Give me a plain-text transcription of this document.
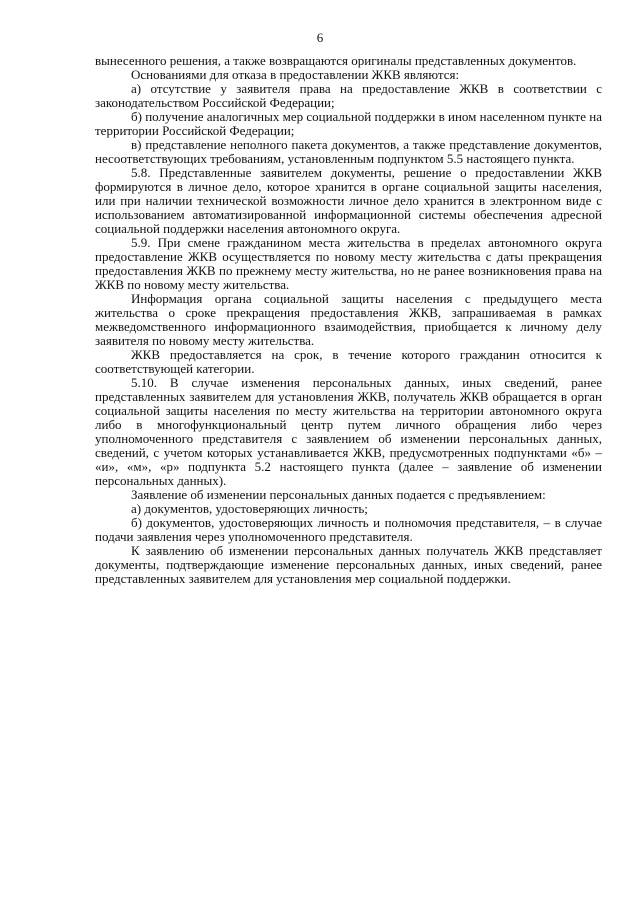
6

вынесенного решения, а также возвращаются оригиналы представленных документов.

Основаниями для отказа в предоставлении ЖКВ являются:

а) отсутствие у заявителя права на предоставление ЖКВ в соответствии с законодательством Российской Федерации;

б) получение аналогичных мер социальной поддержки в ином населенном пункте на территории Российской Федерации;

в) представление неполного пакета документов, а также представление документов, несоответствующих требованиям, установленным подпунктом 5.5 настоящего пункта.

5.8. Представленные заявителем документы, решение о предоставлении ЖКВ формируются в личное дело, которое хранится в органе социальной защиты населения, или при наличии технической возможности личное дело хранится в электронном виде с использованием автоматизированной информационной системы обеспечения адресной социальной поддержки населения автономного округа.

5.9. При смене гражданином места жительства в пределах автономного округа предоставление ЖКВ осуществляется по новому месту жительства с даты прекращения предоставления ЖКВ по прежнему месту жительства, но не ранее возникновения права на ЖКВ по новому месту жительства.

Информация органа социальной защиты населения с предыдущего места жительства о сроке прекращения предоставления ЖКВ, запрашиваемая в рамках межведомственного информационного взаимодействия, приобщается к личному делу заявителя по новому месту жительства.

ЖКВ предоставляется на срок, в течение которого гражданин относится к соответствующей категории.

5.10. В случае изменения персональных данных, иных сведений, ранее представленных заявителем для установления ЖКВ, получатель ЖКВ обращается в орган социальной защиты населения по месту жительства на территории автономного округа либо в многофункциональный центр путем личного обращения либо через уполномоченного представителя с заявлением об изменении персональных данных, сведений, с учетом которых устанавливается ЖКВ, предусмотренных подпунктами «б» – «и», «м», «р» подпункта 5.2 настоящего пункта (далее – заявление об изменении персональных данных).

Заявление об изменении персональных данных подается с предъявлением:

а) документов, удостоверяющих личность;

б) документов, удостоверяющих личность и полномочия представителя, – в случае подачи заявления через уполномоченного представителя.

К заявлению об изменении персональных данных получатель ЖКВ представляет документы, подтверждающие изменение персональных данных, иных сведений, ранее представленных заявителем для установления мер социальной поддержки.
